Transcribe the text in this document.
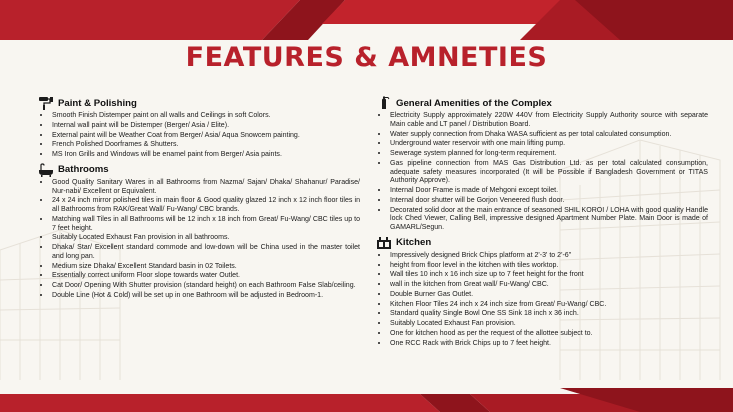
FEATURES & AMNETIES
Paint & Polishing
• Smooth Finish Distemper paint on all walls and Ceilings in soft Colors.
• Internal wall paint will be Distemper (Berger/ Asia / Elite).
• External paint will be Weather Coat from Berger/ Asia/ Aqua Snowcem painting.
• French Polished Doorframes & Shutters.
• MS Iron Grills and Windows will be enamel paint from Berger/ Asia paints.
Bathrooms
• Good Quality Sanitary Wares in all Bathrooms from Nazma/ Sajan/ Dhaka/ Shahanur/ Paradise/ Nur-nabi/ Excellent or Equivalent.
• 24 x 24 inch mirror polished tiles in main floor & Good quality glazed 12 inch x 12 inch floor tiles in all Bathrooms from RAK/Great Wall/ Fu-Wang/ CBC brands.
• Matching wall Tiles in all Bathrooms will be 12 inch x 18 inch from Great/ Fu-Wang/ CBC tiles up to 7 feet height.
• Suitably Located Exhaust Fan provision in all bathrooms.
• Dhaka/ Star/ Excellent standard commode and low-down will be China used in the master toilet and long pan.
• Medium size Dhaka/ Excellent Standard basin in 02 Toilets.
• Essentially correct uniform Floor slope towards water Outlet.
• Cat Door/ Opening With Shutter provision (standard height) on each Bathroom False Slab/ceiling.
• Double Line (Hot & Cold) will be set up in one Bathroom will be adjusted in Bedroom-1.
General Amenities of the Complex
• Electricity Supply approximately 220W 440V from Electricity Supply Authority source with separate Main cable and LT panel / Distribution Board.
• Water supply connection from Dhaka WASA sufficient as per total calculated consumption.
• Underground water reservoir with one main lifting pump.
• Sewerage system planned for long-term requirement.
• Gas pipeline connection from MAS Gas Distribution Ltd. as per total calculated consumption, adequate safety measures incorporated (It will be Possible if Bangladesh Government or TITAS Authority Approve).
• Internal Door Frame is made of Mehgoni except toilet.
• Internal door shutter will be Gorjon Veneered flush door.
• Decorated solid door at the main entrance of seasoned SHIL KOROI / LOHA with good quality Handle lock Ched Viewer, Calling Bell, impressive designed Apartment Number Plate. Main Door is made of GAMARL/Segun.
Kitchen
• Impressively designed Brick Chips platform at 2'-3' to 2'-6"
• height from floor level in the kitchen with tiles worktop.
• Wall tiles 10 inch x 16 inch size up to 7 feet height for the front
• wall in the kitchen from Great wall/ Fu-Wang/ CBC.
• Double Burner Gas Outlet.
• Kitchen Floor Tiles 24 inch x 24 inch size from Great/ Fu-Wang/ CBC.
• Standard quality Single Bowl One SS Sink 18 inch x 36 inch.
• Suitably Located Exhaust Fan provision.
• One for kitchen hood as per the request of the allottee subject to.
• One RCC Rack with Brick Chips up to 7 feet height.
